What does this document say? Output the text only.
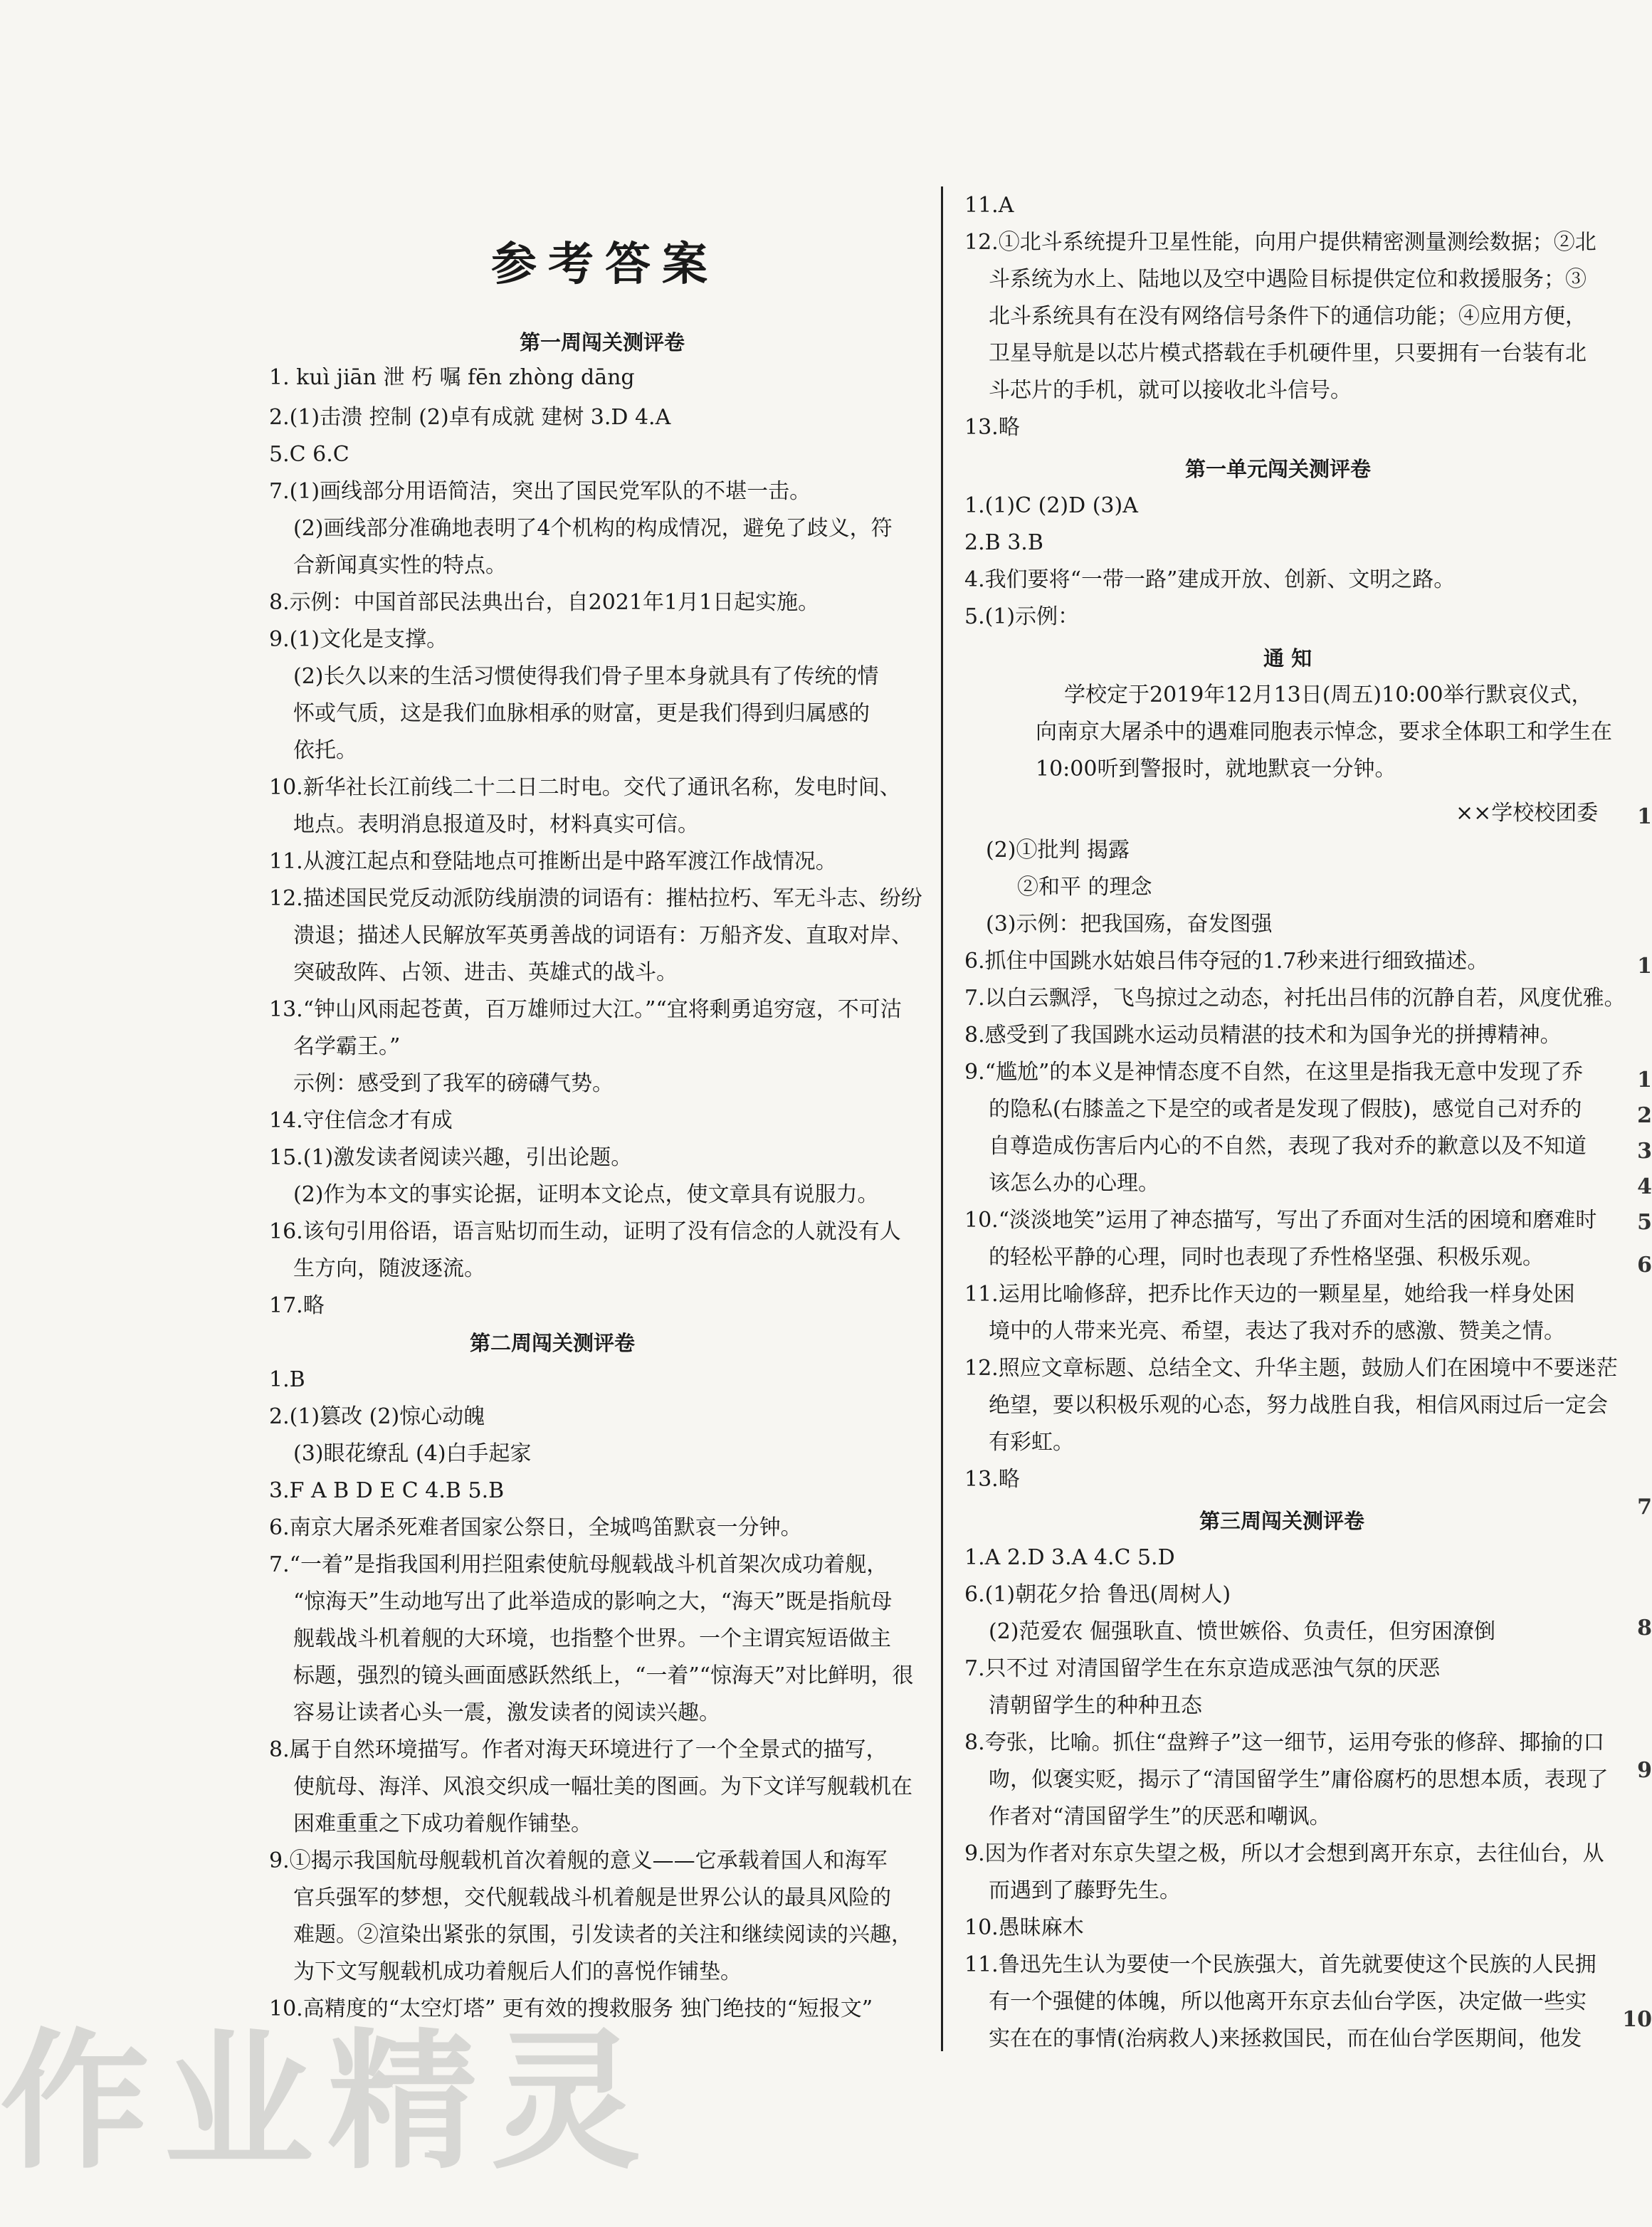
参考答案
第一周闯关测评卷
1. kuì jiān 泄 朽 嘱 fēn zhòng dāng
2.(1)击溃 控制 (2)卓有成就 建树 3.D 4.A
5.C 6.C
7.(1)画线部分用语简洁，突出了国民党军队的不堪一击。
(2)画线部分准确地表明了4个机构的构成情况，避免了歧义，符
合新闻真实性的特点。
8.示例：中国首部民法典出台，自2021年1月1日起实施。
9.(1)文化是支撑。
(2)长久以来的生活习惯使得我们骨子里本身就具有了传统的情
怀或气质，这是我们血脉相承的财富，更是我们得到归属感的
依托。
10.新华社长江前线二十二日二时电。交代了通讯名称，发电时间、
地点。表明消息报道及时，材料真实可信。
11.从渡江起点和登陆地点可推断出是中路军渡江作战情况。
12.描述国民党反动派防线崩溃的词语有：摧枯拉朽、军无斗志、纷纷
溃退；描述人民解放军英勇善战的词语有：万船齐发、直取对岸、
突破敌阵、占领、进击、英雄式的战斗。
13.“钟山风雨起苍黄，百万雄师过大江。”“宜将剩勇追穷寇，不可沽
名学霸王。”
示例：感受到了我军的磅礴气势。
14.守住信念才有成
15.(1)激发读者阅读兴趣，引出论题。
(2)作为本文的事实论据，证明本文论点，使文章具有说服力。
16.该句引用俗语，语言贴切而生动，证明了没有信念的人就没有人
生方向，随波逐流。
17.略
第二周闯关测评卷
1.B
2.(1)篡改 (2)惊心动魄
(3)眼花缭乱 (4)白手起家
3.F A B D E C 4.B 5.B
6.南京大屠杀死难者国家公祭日，全城鸣笛默哀一分钟。
7.“一着”是指我国利用拦阻索使航母舰载战斗机首架次成功着舰，
“惊海天”生动地写出了此举造成的影响之大，“海天”既是指航母
舰载战斗机着舰的大环境，也指整个世界。一个主谓宾短语做主
标题，强烈的镜头画面感跃然纸上，“一着”“惊海天”对比鲜明，很
容易让读者心头一震，激发读者的阅读兴趣。
8.属于自然环境描写。作者对海天环境进行了一个全景式的描写，
使航母、海洋、风浪交织成一幅壮美的图画。为下文详写舰载机在
困难重重之下成功着舰作铺垫。
9.①揭示我国航母舰载机首次着舰的意义——它承载着国人和海军
官兵强军的梦想，交代舰载战斗机着舰是世界公认的最具风险的
难题。②渲染出紧张的氛围，引发读者的关注和继续阅读的兴趣，
为下文写舰载机成功着舰后人们的喜悦作铺垫。
10.高精度的“太空灯塔” 更有效的搜救服务 独门绝技的“短报文”
11.A
12.①北斗系统提升卫星性能，向用户提供精密测量测绘数据；②北
斗系统为水上、陆地以及空中遇险目标提供定位和救援服务；③
北斗系统具有在没有网络信号条件下的通信功能；④应用方便，
卫星导航是以芯片模式搭载在手机硬件里，只要拥有一台装有北
斗芯片的手机，就可以接收北斗信号。
13.略
第一单元闯关测评卷
1.(1)C (2)D (3)A
2.B 3.B
4.我们要将“一带一路”建成开放、创新、文明之路。
5.(1)示例：
通 知
学校定于2019年12月13日(周五)10:00举行默哀仪式，
向南京大屠杀中的遇难同胞表示悼念，要求全体职工和学生在
10:00听到警报时，就地默哀一分钟。
××学校校团委
(2)①批判 揭露
②和平 的理念
(3)示例：把我国殇，奋发图强
6.抓住中国跳水姑娘吕伟夺冠的1.7秒来进行细致描述。
7.以白云飘浮，飞鸟掠过之动态，衬托出吕伟的沉静自若，风度优雅。
8.感受到了我国跳水运动员精湛的技术和为国争光的拼搏精神。
9.“尴尬”的本义是神情态度不自然，在这里是指我无意中发现了乔
的隐私(右膝盖之下是空的或者是发现了假肢)，感觉自己对乔的
自尊造成伤害后内心的不自然，表现了我对乔的歉意以及不知道
该怎么办的心理。
10.“淡淡地笑”运用了神态描写，写出了乔面对生活的困境和磨难时
的轻松平静的心理，同时也表现了乔性格坚强、积极乐观。
11.运用比喻修辞，把乔比作天边的一颗星星，她给我一样身处困
境中的人带来光亮、希望，表达了我对乔的感激、赞美之情。
12.照应文章标题、总结全文、升华主题，鼓励人们在困境中不要迷茫
绝望，要以积极乐观的心态，努力战胜自我，相信风雨过后一定会
有彩虹。
13.略
第三周闯关测评卷
1.A 2.D 3.A 4.C 5.D
6.(1)朝花夕拾 鲁迅(周树人)
(2)范爱农 倔强耿直、愤世嫉俗、负责任，但穷困潦倒
7.只不过 对清国留学生在东京造成恶浊气氛的厌恶
清朝留学生的种种丑态
8.夸张，比喻。抓住“盘辫子”这一细节，运用夸张的修辞、揶揄的口
吻，似褒实贬，揭示了“清国留学生”庸俗腐朽的思想本质，表现了
作者对“清国留学生”的厌恶和嘲讽。
9.因为作者对东京失望之极，所以才会想到离开东京，去往仙台，从
而遇到了藤野先生。
10.愚昧麻木
11.鲁迅先生认为要使一个民族强大，首先就要使这个民族的人民拥
有一个强健的体魄，所以他离开东京去仙台学医，决定做一些实
实在在的事情(治病救人)来拯救国民，而在仙台学医期间，他发
1
1
1
2
3
4
5
6
7
8
9
10
作业精灵
